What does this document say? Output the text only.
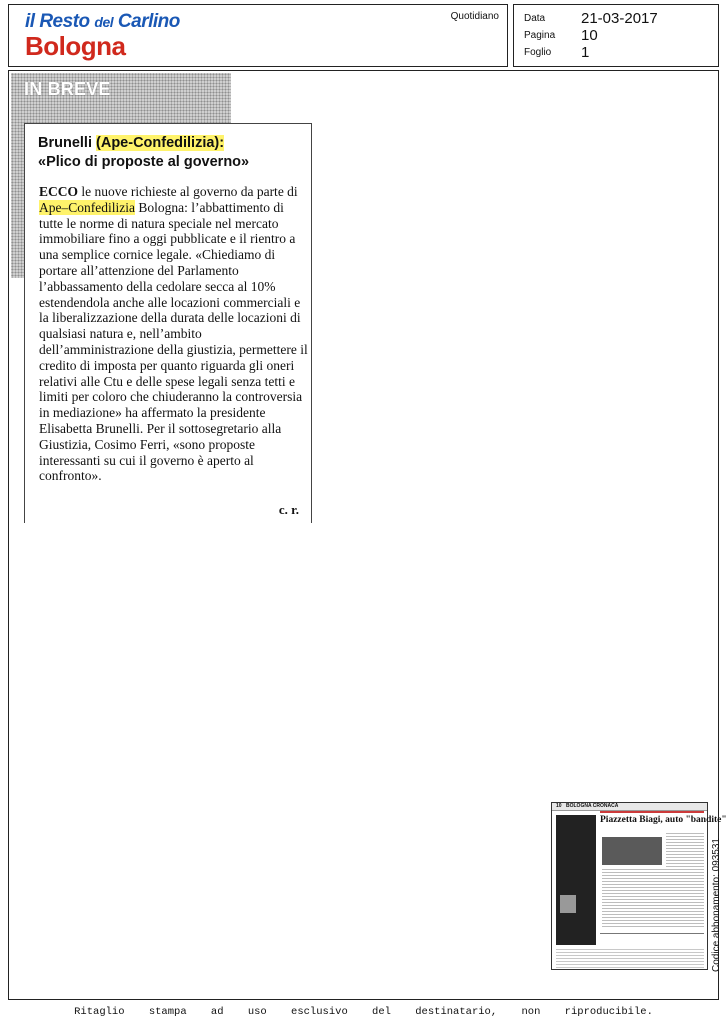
il Resto del Carlino
Bologna
Quotidiano	Data 21-03-2017
Pagina 10
Foglio 1
IN BREVE
Brunelli (Ape-Confedilizia):
«Plico di proposte al governo»
ECCO le nuove richieste al governo da parte di Ape–Confedilizia Bologna: l’abbattimento di tutte le norme di natura speciale nel mercato immobiliare fino a oggi pubblicate e il rientro a una semplice cornice legale. «Chiediamo di portare all’attenzione del Parlamento l’abbassamento della cedolare secca al 10% estendendola anche alle locazioni commerciali e la liberalizzazione della durata delle locazioni di qualsiasi natura e, nell’ambito dell’amministrazione della giustizia, permettere il credito di imposta per quanto riguarda gli oneri relativi alle Ctu e delle spese legali senza tetti e limiti per coloro che chiuderanno la controversia in mediazione» ha affermato la presidente Elisabetta Brunelli. Per il sottosegretario alla Giustizia, Cosimo Ferri, «sono proposte interessanti su cui il governo è aperto al confronto».
c. r.
10 BOLOGNA CRONACA
Piazzetta Biagi, auto "bandite"
Codice abbonamento: 093531
Ritaglio stampa ad uso esclusivo del destinatario, non riproducibile.
